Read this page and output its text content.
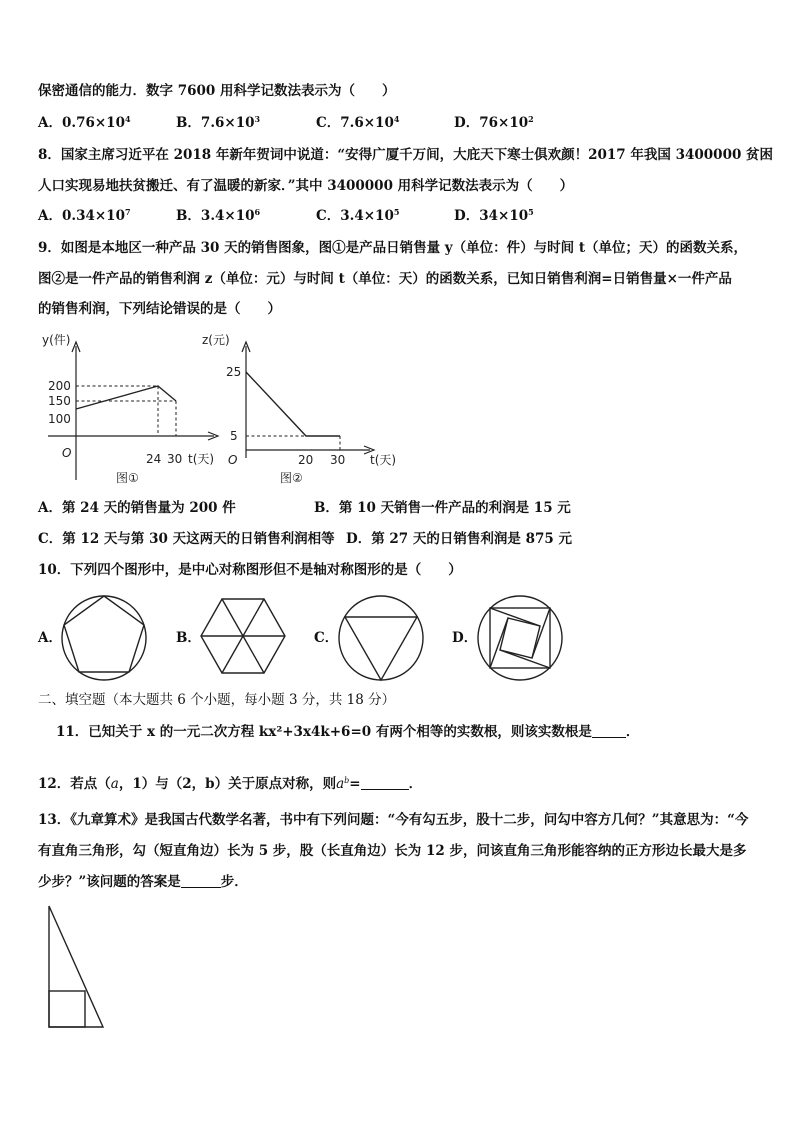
保密通信的能力．数字 7600 用科学记数法表示为（　　）
A．$0.76\times 10^4$	B．$7.6\times 10^3$	C．$7.6\times 10^4$	D．$76\times 10^2$
8．国家主席习近平在 2018 年新年贺词中说道：“安得广厦千万间，大庇天下寒士俱欢颜！2017 年我国 3400000 贫困
人口实现易地扶贫搬迁、有了温暖的新家．”其中 3400000 用科学记数法表示为（　　）
A．$0.34\times 10^7$	B．$3.4\times 10^6$	C．$3.4\times 10^5$	D．$34\times 10^5$
9．如图是本地区一种产品 30 天的销售图象，图①是产品日销售量 y（单位：件）与时间 t（单位；天）的函数关系，
图②是一件产品的销售利润 z（单位：元）与时间 t（单位：天）的函数关系，已知日销售利润=日销售量×一件产品
的销售利润，下列结论错误的是（　　）
y(件)
200
150
100
O	24 30 t(天)
图①
z(元)
25
5
O	20 30 t(天)
图②
A．第 24 天的销售量为 200 件	B．第 10 天销售一件产品的利润是 15 元
C．第 12 天与第 30 天这两天的日销售利润相等 D．第 27 天的日销售利润是 875 元
10．下列四个图形中，是中心对称图形但不是轴对称图形的是（　　）
A．	B．	C．	D．
二、填空题（本大题共 6 个小题，每小题 3 分，共 18 分）
11．已知关于 x 的一元二次方程 kx²+3x4k+6=0 有两个相等的实数根，则该实数根是	．
12．若点（a，1）与（2，b）关于原点对称，则$a^b=$	．
13．《九章算术》是我国古代数学名著，书中有下列问题：“今有勾五步，股十二步，问勾中容方几何？”其意思为：“今
有直角三角形，勾（短直角边）长为 5 步，股（长直角边）长为 12 步，问该直角三角形能容纳的正方形边长最大是多
少步？”该问题的答案是	步．
